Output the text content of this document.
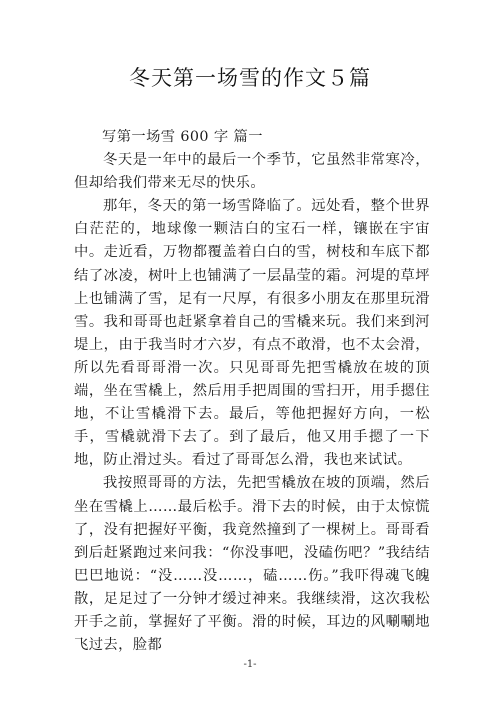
冬天第一场雪的作文５篇

写第一场雪 600 字 篇一

冬天是一年中的最后一个季节，它虽然非常寒冷，但却给我们带来无尽的快乐。

那年，冬天的第一场雪降临了。远处看，整个世界白茫茫的，地球像一颗洁白的宝石一样，镶嵌在宇宙中。走近看，万物都覆盖着白白的雪，树枝和车底下都结了冰凌，树叶上也铺满了一层晶莹的霜。河堤的草坪上也铺满了雪，足有一尺厚，有很多小朋友在那里玩滑雪。我和哥哥也赶紧拿着自己的雪橇来玩。我们来到河堤上，由于我当时才六岁，有点不敢滑，也不太会滑，所以先看哥哥滑一次。只见哥哥先把雪橇放在坡的顶端，坐在雪橇上，然后用手把周围的雪扫开，用手摁住地，不让雪橇滑下去。最后，等他把握好方向，一松手，雪橇就滑下去了。到了最后，他又用手摁了一下地，防止滑过头。看过了哥哥怎么滑，我也来试试。

我按照哥哥的方法，先把雪橇放在坡的顶端，然后坐在雪橇上……最后松手。滑下去的时候，由于太惊慌了，没有把握好平衡，我竟然撞到了一棵树上。哥哥看到后赶紧跑过来问我：“你没事吧，没磕伤吧？”我结结巴巴地说：“没……没……，磕……伤。”我吓得魂飞魄散，足足过了一分钟才缓过神来。我继续滑，这次我松开手之前，掌握好了平衡。滑的时候，耳边的风唰唰地飞过去，脸都

-1-
